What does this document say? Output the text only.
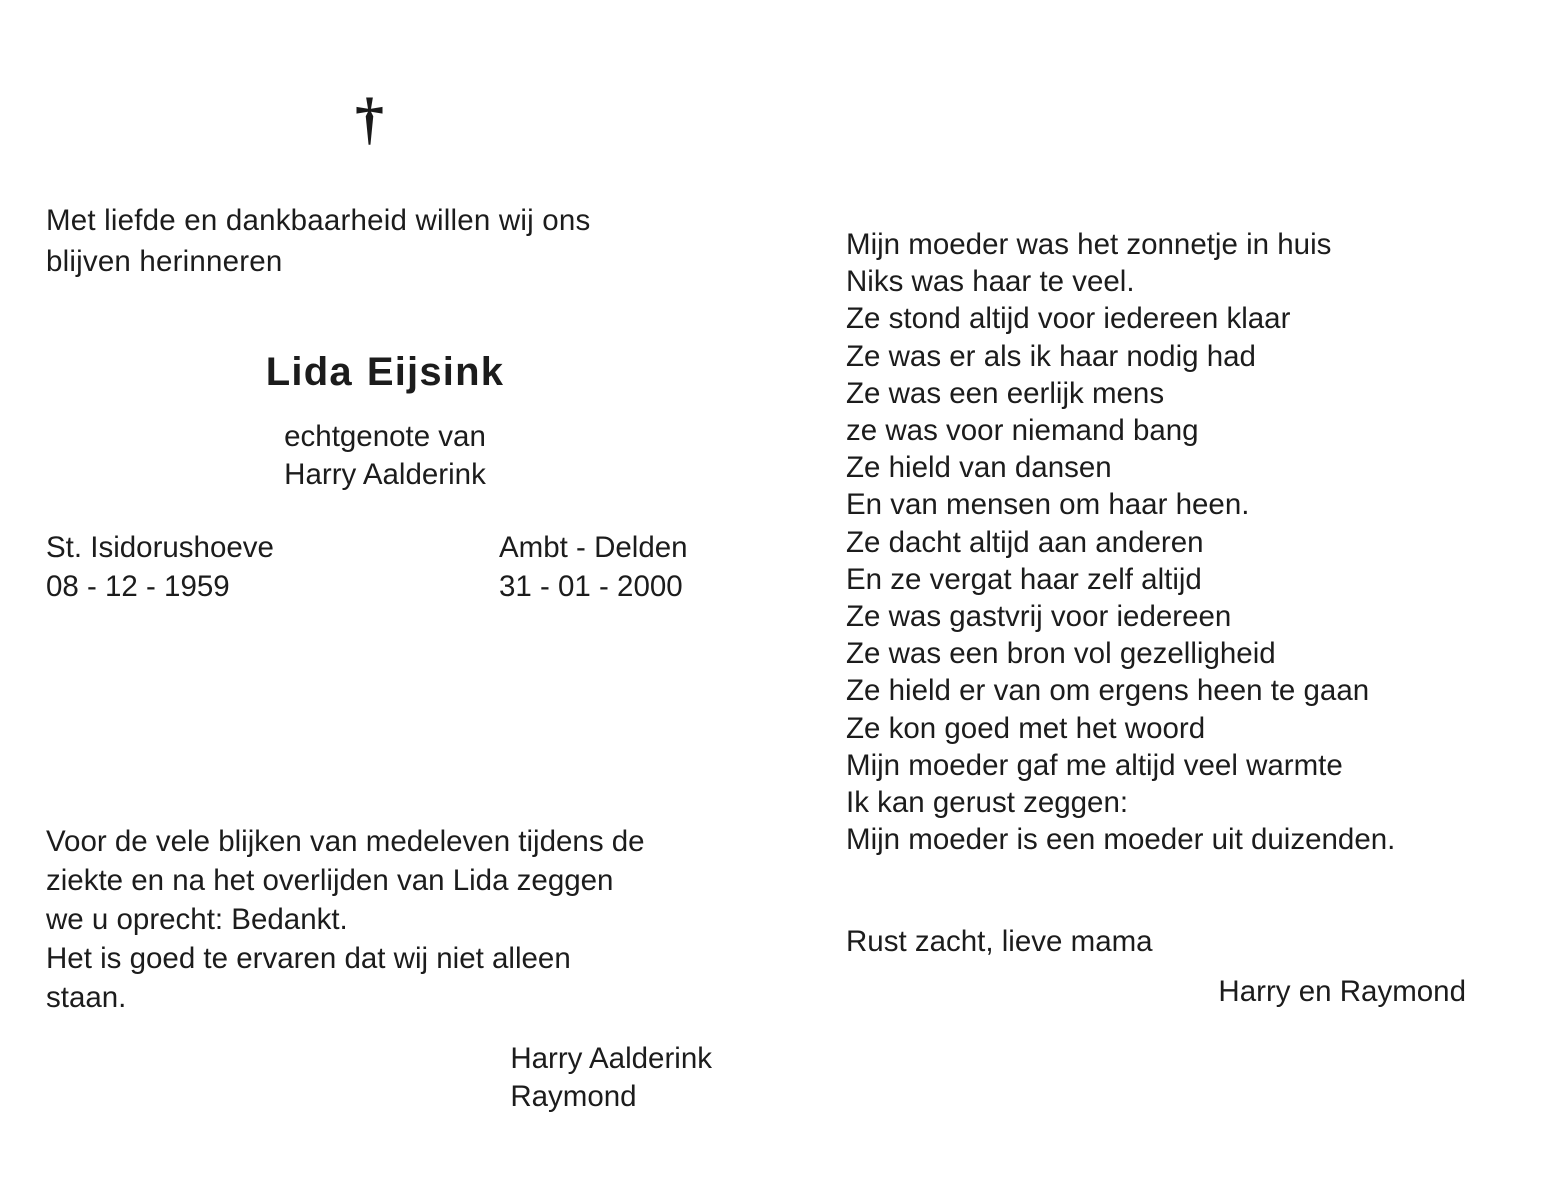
†
Met liefde en dankbaarheid willen wij ons
blijven herinneren
Lida Eijsink
echtgenote van
Harry Aalderink
St. Isidorushoeve	Ambt - Delden
08 - 12 - 1959	31 - 01 - 2000
Voor de vele blijken van medeleven tijdens de
ziekte en na het overlijden van Lida zeggen
we u oprecht: Bedankt.
Het is goed te ervaren dat wij niet alleen
staan.
Harry Aalderink
Raymond
Mijn moeder was het zonnetje in huis
Niks was haar te veel.
Ze stond altijd voor iedereen klaar
Ze was er als ik haar nodig had
Ze was een eerlijk mens
ze was voor niemand bang
Ze hield van dansen
En van mensen om haar heen.
Ze dacht altijd aan anderen
En ze vergat haar zelf altijd
Ze was gastvrij voor iedereen
Ze was een bron vol gezelligheid
Ze hield er van om ergens heen te gaan
Ze kon goed met het woord
Mijn moeder gaf me altijd veel warmte
Ik kan gerust zeggen:
Mijn moeder is een moeder uit duizenden.
Rust zacht, lieve mama
Harry en Raymond
